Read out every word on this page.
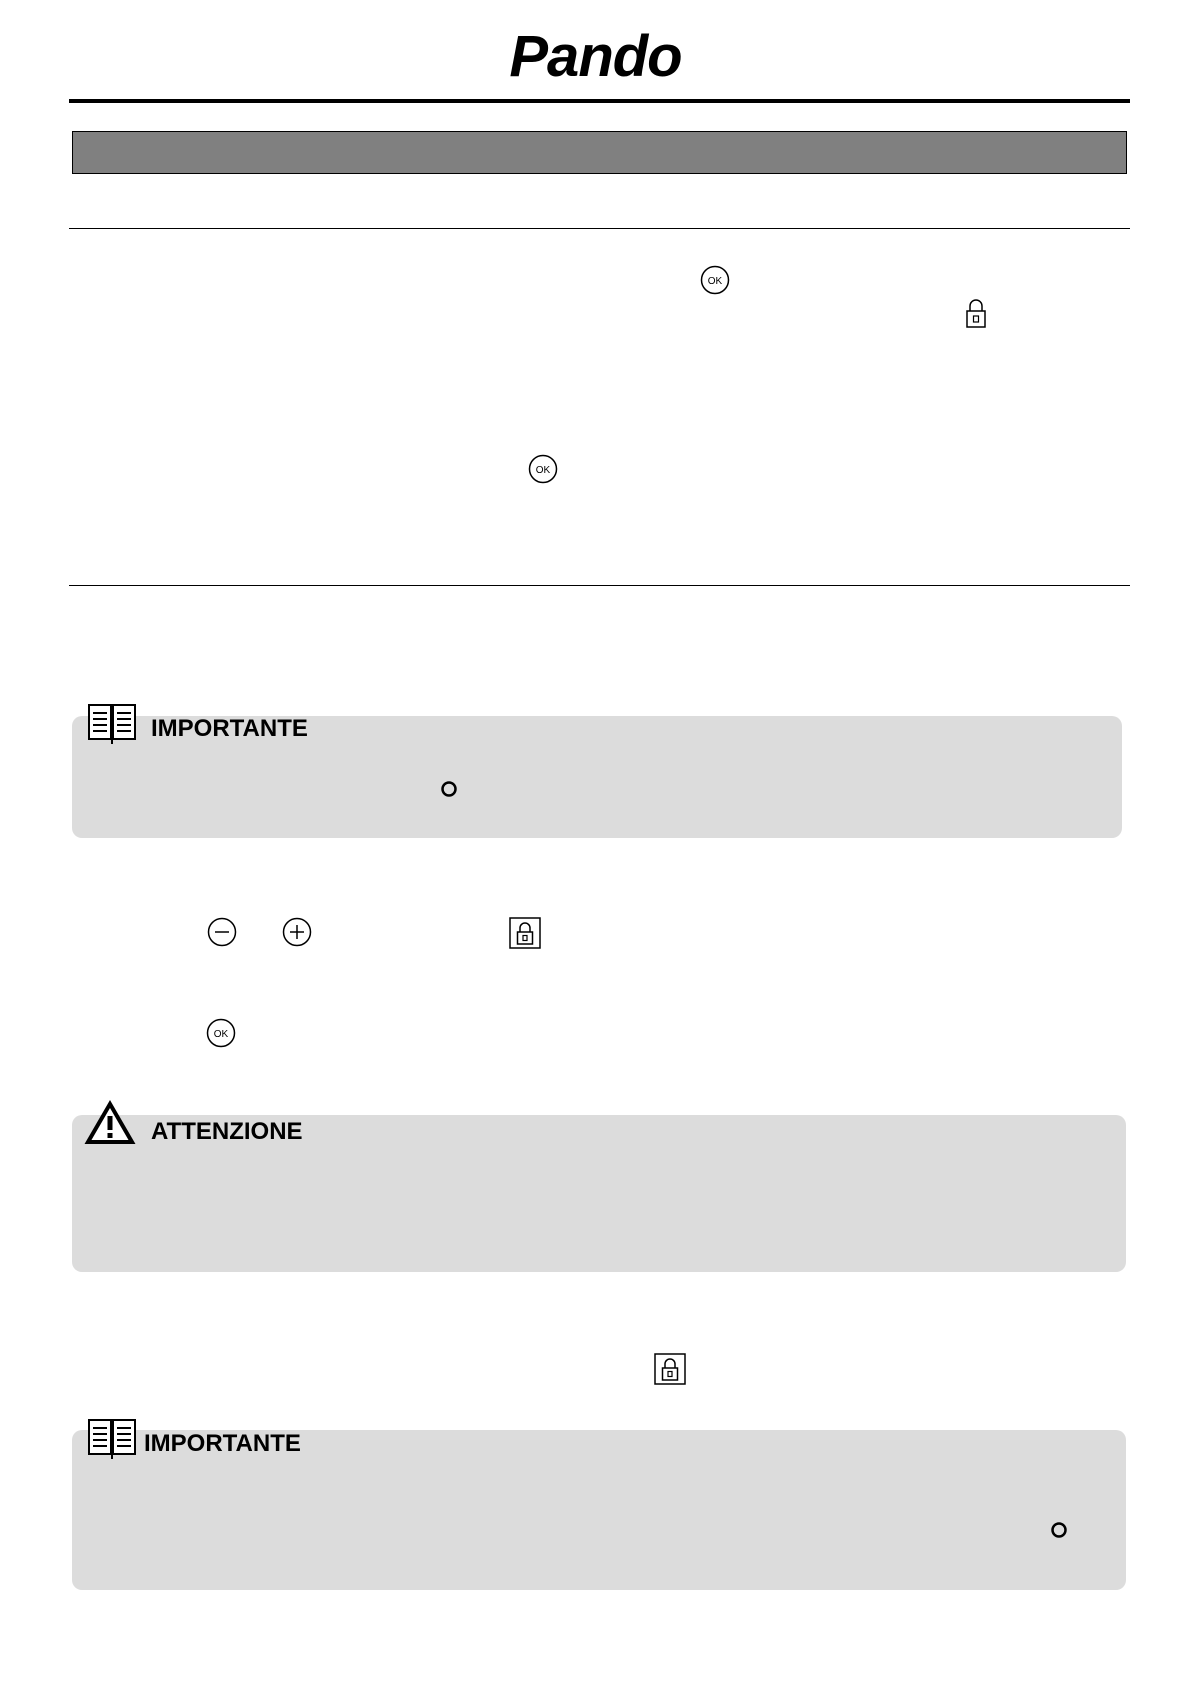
Pando
OK
OK
IMPORTANTE
OK
ATTENZIONE
IMPORTANTE
